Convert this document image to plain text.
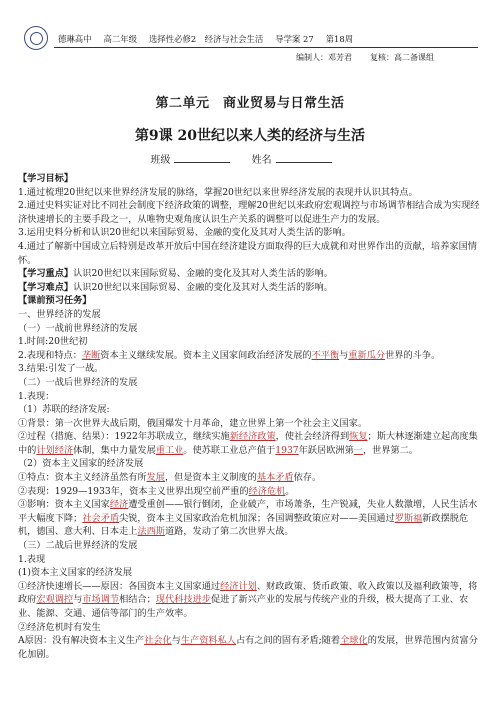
德琳高中 高二年级 选择性必修2　经济与社会生活 导学案 27 第18周
编制人：邓芳君 复核：高二备课组
第二单元　商业贸易与日常生活
第9课 20世纪以来人类的经济与生活
班级	姓名

【学习目标】

1.通过梳理20世纪以来世界经济发展的脉络，掌握20世纪以来世界经济发展的表现并认识其特点。

2.通过史料实证对比不同社会制度下经济政策的调整，理解20世纪以来政府宏观调控与市场调节相结合成为实现经济快速增长的主要手段之一，从唯物史观角度认识生产关系的调整可以促进生产力的发展。

3.运用史料分析和认识20世纪以来国际贸易、金融的变化及其对人类生活的影响。

4.通过了解新中国成立后特别是改革开放后中国在经济建设方面取得的巨大成就和对世界作出的贡献，培养家国情怀。

【学习重点】认识20世纪以来国际贸易、金融的变化及其对人类生活的影响。

【学习难点】认识20世纪以来国际贸易、金融的变化及其对人类生活的影响。

【课前预习任务】

一、世界经济的发展

（一）一战前世界经济的发展

1.时间:20世纪初

2.表现和特点：垄断资本主义继续发展。资本主义国家间政治经济发展的不平衡与重新瓜分世界的斗争。

3.结果:引发了一战。

（二）一战后世界经济的发展

1.表现：

（1）苏联的经济发展:

①背景：第一次世界大战后期，俄国爆发十月革命，建立世界上第一个社会主义国家。

②过程（措施、结果）：1922年苏联成立，继续实施新经济政策，使社会经济得到恢复；斯大林逐渐建立起高度集中的计划经济体制，集中力量发展重工业。使苏联工业总产值于1937年跃居欧洲第一，世界第二。

（2）资本主义国家的经济发展

①特点：资本主义经济虽然有所发展，但是资本主义制度的基本矛盾依存。

②表现：1929—1933年，资本主义世界出现空前严重的经济危机。

③影响：资本主义国家经济遭受重创——银行倒闭，企业破产，市场萧条，生产锐减，失业人数激增，人民生活水平大幅度下降；社会矛盾尖锐，资本主义国家政治危机加深；各国调整政策应对——美国通过罗斯福新政摆脱危机，德国、意大利、日本走上法西斯道路，发动了第二次世界大战。

（三）二战后世界经济的发展

1.表现

(1)资本主义国家的经济发展

①经济快速增长——原因：各国资本主义国家通过经济计划、财政政策、货币政策、收入政策以及福利政策等，将政府宏观调控与市场调节相结合；现代科技进步促进了新兴产业的发展与传统产业的升级，极大提高了工业、农业、能源、交通、通信等部门的生产效率。

②经济危机时有发生

A原因：没有解决资本主义生产社会化与生产资料私人占有之间的固有矛盾;随着全球化的发展，世界范围内贫富分化加剧。
